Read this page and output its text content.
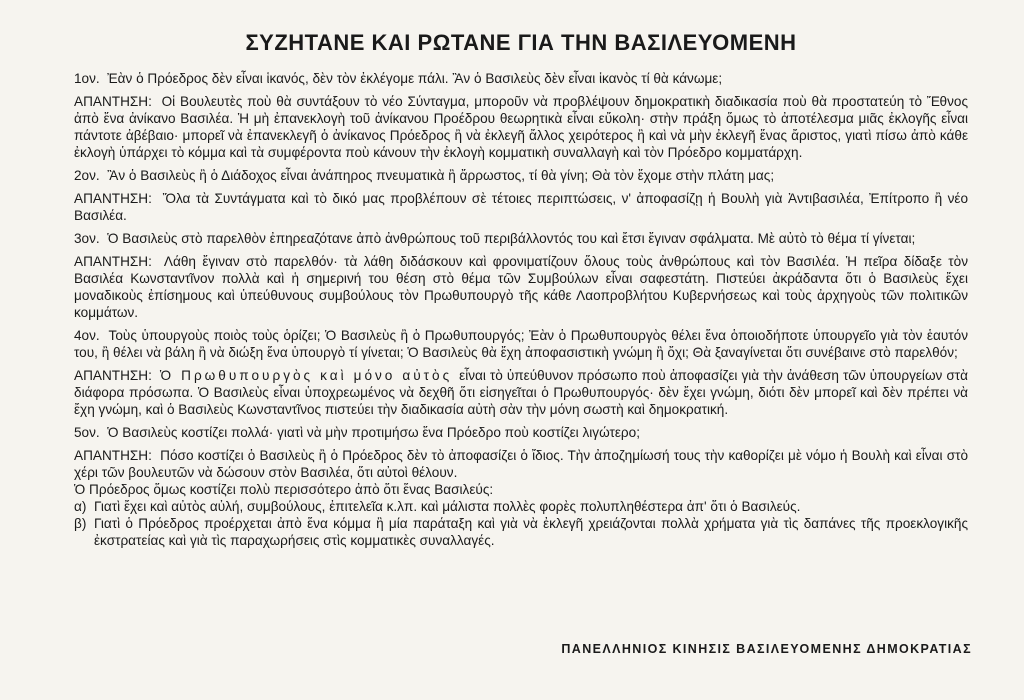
ΣΥΖΗΤΑΝΕ ΚΑΙ ΡΩΤΑΝΕ ΓΙΑ ΤΗΝ ΒΑΣΙΛΕΥΟΜΕΝΗ
1ον.  Ἐὰν ὁ Πρόεδρος δὲν εἶναι ἱκανός, δὲν τὸν ἐκλέγομε πάλι. Ἂν ὁ Βασιλεὺς δὲν εἶναι ἱκανὸς τί θὰ κάνωμε;
ΑΠΑΝΤΗΣΗ:  Οἱ Βουλευτὲς ποὺ θὰ συντάξουν τὸ νέο Σύνταγμα, μποροῦν νὰ προβλέψουν δημοκρατικὴ διαδικασία ποὺ θὰ προστατεύη τὸ Ἔθνος ἀπὸ ἕνα ἀνίκανο Βασιλέα. Ἡ μὴ ἐπανεκλογὴ τοῦ ἀνίκανου Προέδρου θεωρητικὰ εἶναι εὔκολη· στὴν πράξη ὅμως τὸ ἀποτέλεσμα μιᾶς ἐκλογῆς εἶναι πάντοτε ἀβέβαιο· μπορεῖ νὰ ἐπανεκλεγῆ ὁ ἀνίκανος Πρόεδρος ἢ νὰ ἐκλεγῆ ἄλλος χειρότερος ἢ καὶ νὰ μὴν ἐκλεγῆ ἕνας ἄριστος, γιατὶ πίσω ἀπὸ κάθε ἐκλογὴ ὑπάρχει τὸ κόμμα καὶ τὰ συμφέροντα ποὺ κάνουν τὴν ἐκλογὴ κομματικὴ συναλλαγὴ καὶ τὸν Πρόεδρο κομματάρχη.
2ον.  Ἂν ὁ Βασιλεὺς ἢ ὁ Διάδοχος εἶναι ἀνάπηρος πνευματικὰ ἢ ἄρρωστος, τί θὰ γίνη; Θὰ τὸν ἔχομε στὴν πλάτη μας;
ΑΠΑΝΤΗΣΗ:  Ὅλα τὰ Συντάγματα καὶ τὸ δικό μας προβλέπουν σὲ τέτοιες περιπτώσεις, ν' ἀποφασίζῃ ἡ Βουλὴ γιὰ Ἀντιβασιλέα, Ἐπίτροπο ἢ νέο Βασιλέα.
3ον.  Ὁ Βασιλεὺς στὸ παρελθὸν ἐπηρεαζότανε ἀπὸ ἀνθρώπους τοῦ περιβάλλοντός του καὶ ἔτσι ἔγιναν σφάλματα. Μὲ αὐτὸ τὸ θέμα τί γίνεται;
ΑΠΑΝΤΗΣΗ:  Λάθη ἔγιναν στὸ παρελθόν· τὰ λάθη διδάσκουν καὶ φρονιματίζουν ὅλους τοὺς ἀνθρώπους καὶ τὸν Βασιλέα. Ἡ πεῖρα δίδαξε τὸν Βασιλέα Κωνσταντῖνον πολλὰ καὶ ἡ σημερινή του θέση στὸ θέμα τῶν Συμβούλων εἶναι σαφεστάτη. Πιστεύει ἀκράδαντα ὅτι ὁ Βασιλεὺς ἔχει μοναδικοὺς ἐπίσημους καὶ ὑπεύθυνους συμβούλους τὸν Πρωθυπουργὸ τῆς κάθε Λαοπροβλήτου Κυβερνήσεως καὶ τοὺς ἀρχηγοὺς τῶν πολιτικῶν κομμάτων.
4ον.  Τοὺς ὑπουργοὺς ποιὸς τοὺς ὁρίζει; Ὁ Βασιλεὺς ἢ ὁ Πρωθυπουργός; Ἐὰν ὁ Πρωθυπουργὸς θέλει ἕνα ὁποιοδήποτε ὑπουργεῖο γιὰ τὸν ἑαυτόν του, ἢ θέλει νὰ βάλη ἢ νὰ διώξη ἕνα ὑπουργὸ τί γίνεται; Ὁ Βασιλεὺς θὰ ἔχη ἀποφασιστικὴ γνώμη ἢ ὄχι; Θὰ ξαναγίνεται ὅτι συνέβαινε στὸ παρελθόν;
ΑΠΑΝΤΗΣΗ:  Ὁ Πρωθυπουργὸς καὶ μόνο αὐτὸς εἶναι τὸ ὑπεύθυνον πρόσωπο ποὺ ἀποφασίζει γιὰ τὴν ἀνάθεση τῶν ὑπουργείων στὰ διάφορα πρόσωπα. Ὁ Βασιλεὺς εἶναι ὑποχρεωμένος νὰ δεχθῆ ὅτι εἰσηγεῖται ὁ Πρωθυπουργός· δὲν ἔχει γνώμη, διότι δὲν μπορεῖ καὶ δὲν πρέπει νὰ ἔχη γνώμη, καὶ ὁ Βασιλεὺς Κωνσταντῖνος πιστεύει τὴν διαδικασία αὐτὴ σὰν τὴν μόνη σωστὴ καὶ δημοκρατική.
5ον.  Ὁ Βασιλεὺς κοστίζει πολλά· γιατὶ νὰ μὴν προτιμήσω ἕνα Πρόεδρο ποὺ κοστίζει λιγώτερο;
ΑΠΑΝΤΗΣΗ:  Πόσο κοστίζει ὁ Βασιλεὺς ἢ ὁ Πρόεδρος δὲν τὸ ἀποφασίζει ὁ ἴδιος. Τὴν ἀποζημίωσή τους τὴν καθορίζει μὲ νόμο ἡ Βουλὴ καὶ εἶναι στὸ χέρι τῶν βουλευτῶν νὰ δώσουν στὸν Βασιλέα, ὅτι αὐτοὶ θέλουν.
Ὁ Πρόεδρος ὅμως κοστίζει πολὺ περισσότερο ἀπὸ ὅτι ἕνας Βασιλεύς:
α) Γιατὶ ἔχει καὶ αὐτὸς αὐλή, συμβούλους, ἐπιτελεῖα κ.λπ. καὶ μάλιστα πολλὲς φορὲς πολυπληθέστερα ἀπ' ὅτι ὁ Βασιλεύς.
β) Γιατὶ ὁ Πρόεδρος προέρχεται ἀπὸ ἕνα κόμμα ἢ μία παράταξη καὶ γιὰ νὰ ἐκλεγῆ χρειάζονται πολλὰ χρήματα γιὰ τὶς δαπάνες τῆς προεκλογικῆς ἐκστρατείας καὶ γιὰ τὶς παραχωρήσεις στὶς κομματικὲς συναλλαγές.
ΠΑΝΕΛΛΗΝΙΟΣ ΚΙΝΗΣΙΣ ΒΑΣΙΛΕΥΟΜΕΝΗΣ ΔΗΜΟΚΡΑΤΙΑΣ
